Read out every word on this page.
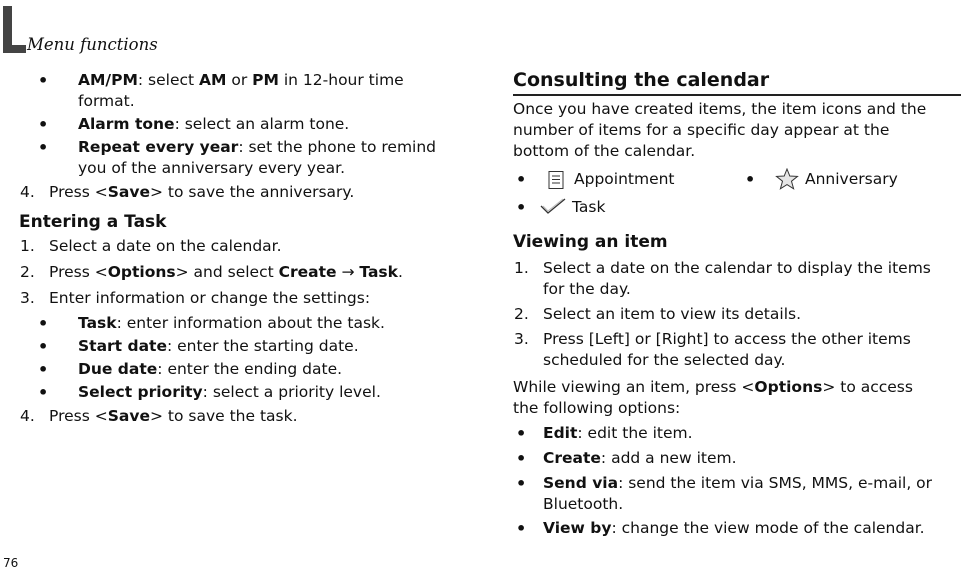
Menu functions
• AM/PM: select AM or PM in 12-hour time

format.

• Alarm tone: select an alarm tone.

• Repeat every year: set the phone to remind

you of the anniversary every year.

4. Press <Save> to save the anniversary.

Entering a Task
1. Select a date on the calendar.

2. Press <Options> and select Create → Task.

3. Enter information or change the settings:

• Task: enter information about the task.

• Start date: enter the starting date.

• Due date: enter the ending date.

• Select priority: select a priority level.

4. Press <Save> to save the task.

Consulting the calendar

Once you have created items, the item icons and the

number of items for a specific day appear at the

bottom of the calendar.

•	Appointment	•	Anniversary

•	Task

Viewing an item
1. Select a date on the calendar to display the items

for the day.

2. Select an item to view its details.

3. Press [Left] or [Right] to access the other items

scheduled for the selected day.

While viewing an item, press <Options> to access

the following options:

• Edit: edit the item.

• Create: add a new item.

• Send via: send the item via SMS, MMS, e-mail, or

Bluetooth.

• View by: change the view mode of the calendar.

76
